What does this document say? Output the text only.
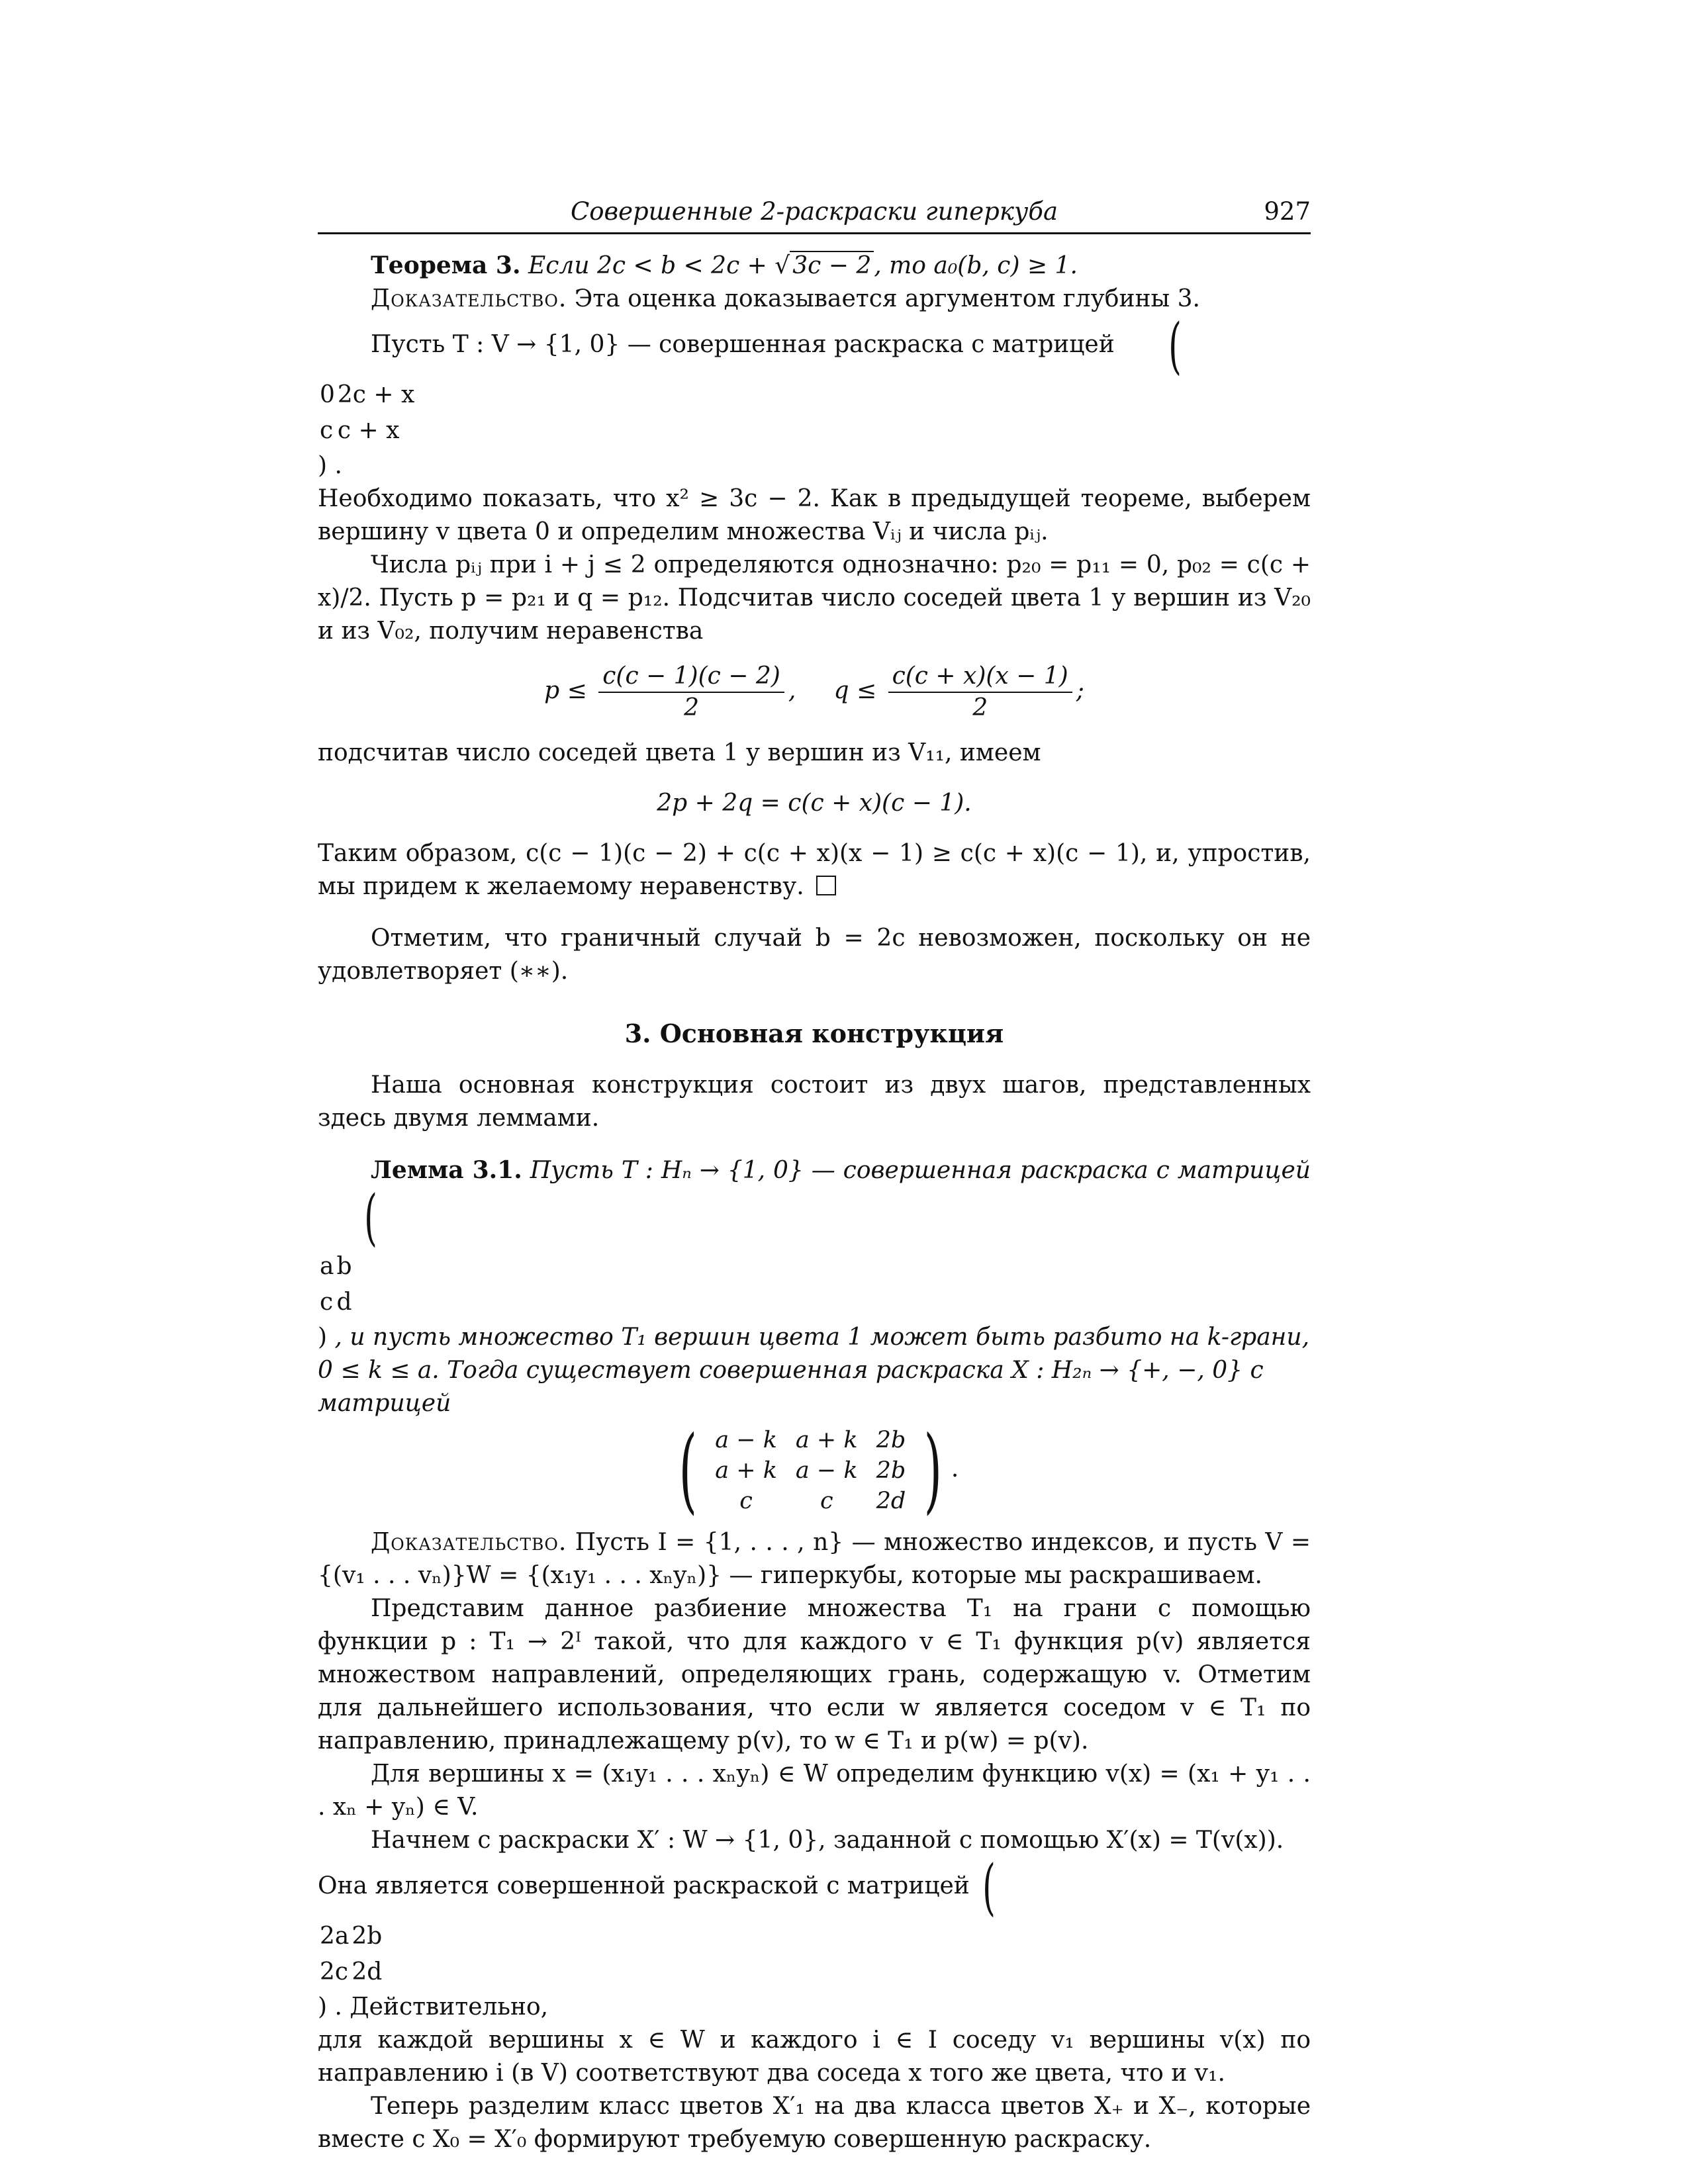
Совершенные 2-раскраски гиперкуба	927

Теорема 3. Если 2c < b < 2c + √ 3c − 2 , то a₀(b, c) ≥ 1.

Доказательство. Эта оценка доказывается аргументом глубины 3.

Пусть T : V → {1, 0} — совершенная раскраска с матрицей (

0	2c + x
c	c + x
) .

Необходимо показать, что x² ≥ 3c − 2. Как в предыдущей теореме, выберем вершину v цвета 0 и определим множества Vᵢⱼ и числа pᵢⱼ.

Числа pᵢⱼ при i + j ≤ 2 определяются однозначно: p₂₀ = p₁₁ = 0, p₀₂ = c(c + x)/2. Пусть p = p₂₁ и q = p₁₂. Подсчитав число соседей цвета 1 у вершин из V₂₀ и из V₀₂, получим неравенства

$p \le \frac{c(c - 1)(c - 2)}{2}$ , $q \le \frac{c(c + x)(x - 1)}{2}$ ;

подсчитав число соседей цвета 1 у вершин из V₁₁, имеем

2p + 2q = c(c + x)(c − 1).

Таким образом, c(c − 1)(c − 2) + c(c + x)(x − 1) ≥ c(c + x)(c − 1), и, упростив, мы придем к желаемому неравенству.

Отметим, что граничный случай b = 2c невозможен, поскольку он не удовлетворяет (∗∗).

3. Основная конструкция

Наша основная конструкция состоит из двух шагов, представленных здесь двумя леммами.

Лемма 3.1. Пусть T : Hₙ → {1, 0} — совершенная раскраска с матрицей
(

a	b
c	d
) , и пусть множество T₁ вершин цвета 1 может быть разбито на k-грани, 0 ≤ k ≤ a. Тогда существует совершенная раскраска X : H₂ₙ → {+, −, 0} с матрицей

( a − k	a + k	2b
a + k	a − k	2b
c	c	2d ) .

Доказательство. Пусть I = {1, . . . , n} — множество индексов, и пусть V = {(v₁ . . . vₙ)}W = {(x₁y₁ . . . xₙyₙ)} — гиперкубы, которые мы раскрашиваем.

Представим данное разбиение множества T₁ на грани с помощью функции p : T₁ → 2ᴵ такой, что для каждого v ∈ T₁ функция p(v) является множеством направлений, определяющих грань, содержащую v. Отметим для дальнейшего использования, что если w является соседом v ∈ T₁ по направлению, принадлежащему p(v), то w ∈ T₁ и p(w) = p(v).

Для вершины x = (x₁y₁ . . . xₙyₙ) ∈ W определим функцию v(x) = (x₁ + y₁ . . . xₙ + yₙ) ∈ V.

Начнем с раскраски X′ : W → {1, 0}, заданной с помощью X′(x) = T(v(x)).

Она является совершенной раскраской с матрицей (

2a	2b
2c	2d
) . Действительно,

для каждой вершины x ∈ W и каждого i ∈ I соседу v₁ вершины v(x) по направлению i (в V) соответствуют два соседа x того же цвета, что и v₁.

Теперь разделим класс цветов X′₁ на два класса цветов X₊ и X₋, которые вместе с X₀ = X′₀ формируют требуемую совершенную раскраску.
